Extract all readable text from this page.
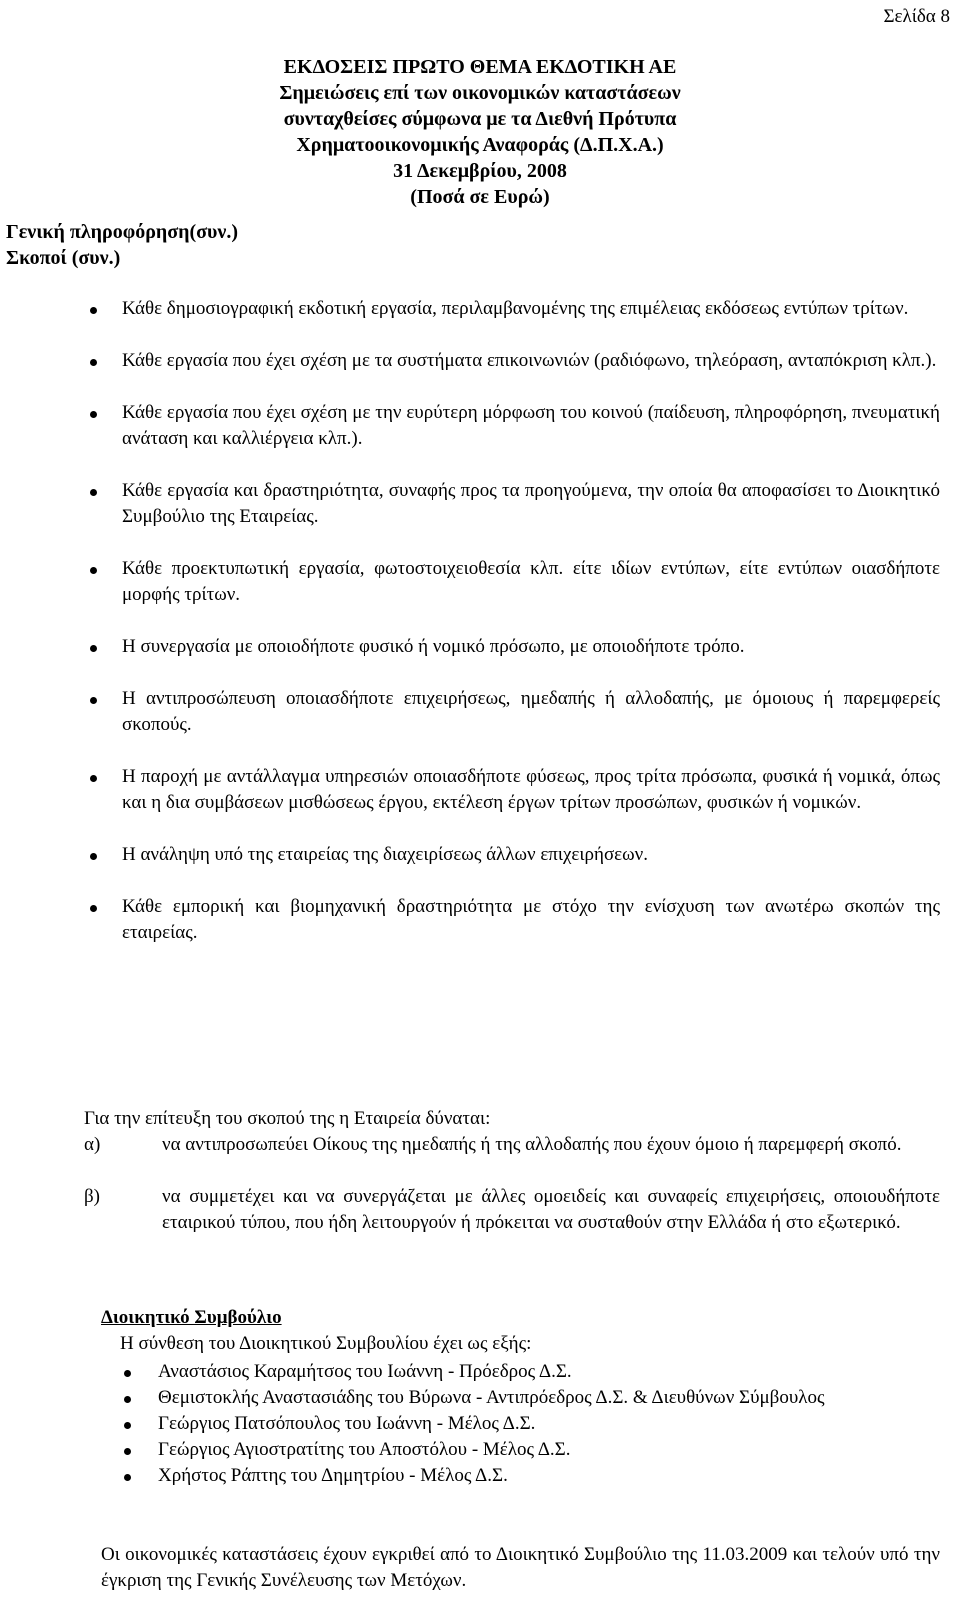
Σελίδα 8
ΕΚΔΟΣΕΙΣ ΠΡΩΤΟ ΘΕΜΑ ΕΚΔΟΤΙΚΗ ΑΕ
Σημειώσεις επί των οικονομικών καταστάσεων
συνταχθείσες σύμφωνα με τα Διεθνή Πρότυπα
Χρηματοοικονομικής Αναφοράς (Δ.Π.Χ.Α.)
31 Δεκεμβρίου, 2008
(Ποσά σε Ευρώ)
Γενική πληροφόρηση(συν.)
Σκοποί (συν.)
Κάθε δημοσιογραφική εκδοτική εργασία, περιλαμβανομένης της επιμέλειας εκδόσεως εντύπων τρίτων.
Κάθε εργασία που έχει σχέση με τα συστήματα επικοινωνιών (ραδιόφωνο, τηλεόραση, ανταπόκριση κλπ.).
Κάθε εργασία που έχει σχέση με την ευρύτερη μόρφωση του κοινού (παίδευση, πληροφόρηση, πνευματική ανάταση και καλλιέργεια κλπ.).
Κάθε εργασία και δραστηριότητα, συναφής προς τα προηγούμενα, την οποία θα αποφασίσει το Διοικητικό Συμβούλιο της Εταιρείας.
Κάθε προεκτυπωτική εργασία, φωτοστοιχειοθεσία κλπ. είτε ιδίων εντύπων, είτε εντύπων οιασδήποτε μορφής τρίτων.
Η συνεργασία με οποιοδήποτε φυσικό ή νομικό πρόσωπο, με οποιοδήποτε τρόπο.
Η αντιπροσώπευση οποιασδήποτε επιχειρήσεως, ημεδαπής ή αλλοδαπής, με όμοιους ή παρεμφερείς σκοπούς.
Η παροχή με αντάλλαγμα υπηρεσιών οποιασδήποτε φύσεως, προς τρίτα πρόσωπα, φυσικά ή νομικά, όπως και η δια συμβάσεων μισθώσεως έργου, εκτέλεση έργων τρίτων προσώπων, φυσικών ή νομικών.
Η ανάληψη υπό της εταιρείας της διαχειρίσεως άλλων επιχειρήσεων.
Κάθε εμπορική και βιομηχανική δραστηριότητα με στόχο την ενίσχυση των ανωτέρω σκοπών της εταιρείας.
Για την επίτευξη του σκοπού της η Εταιρεία δύναται:
α)	να αντιπροσωπεύει Οίκους της ημεδαπής ή της αλλοδαπής που έχουν όμοιο ή παρεμφερή σκοπό.
β)	να συμμετέχει και να συνεργάζεται με άλλες ομοειδείς και συναφείς επιχειρήσεις, οποιουδήποτε εταιρικού τύπου, που ήδη λειτουργούν ή πρόκειται να συσταθούν στην Ελλάδα ή στο εξωτερικό.
Διοικητικό Συμβούλιο
Η σύνθεση του Διοικητικού Συμβουλίου έχει ως εξής:
Αναστάσιος Καραμήτσος του Ιωάννη - Πρόεδρος Δ.Σ.
Θεμιστοκλής Αναστασιάδης του Βύρωνα - Αντιπρόεδρος Δ.Σ. & Διευθύνων Σύμβουλος
Γεώργιος Πατσόπουλος του Ιωάννη - Μέλος Δ.Σ.
Γεώργιος Αγιοστρατίτης του Αποστόλου - Μέλος Δ.Σ.
Χρήστος Ράπτης του Δημητρίου - Μέλος Δ.Σ.
Οι οικονομικές καταστάσεις έχουν εγκριθεί από το Διοικητικό Συμβούλιο της 11.03.2009 και τελούν υπό την έγκριση της Γενικής Συνέλευσης των Μετόχων.
